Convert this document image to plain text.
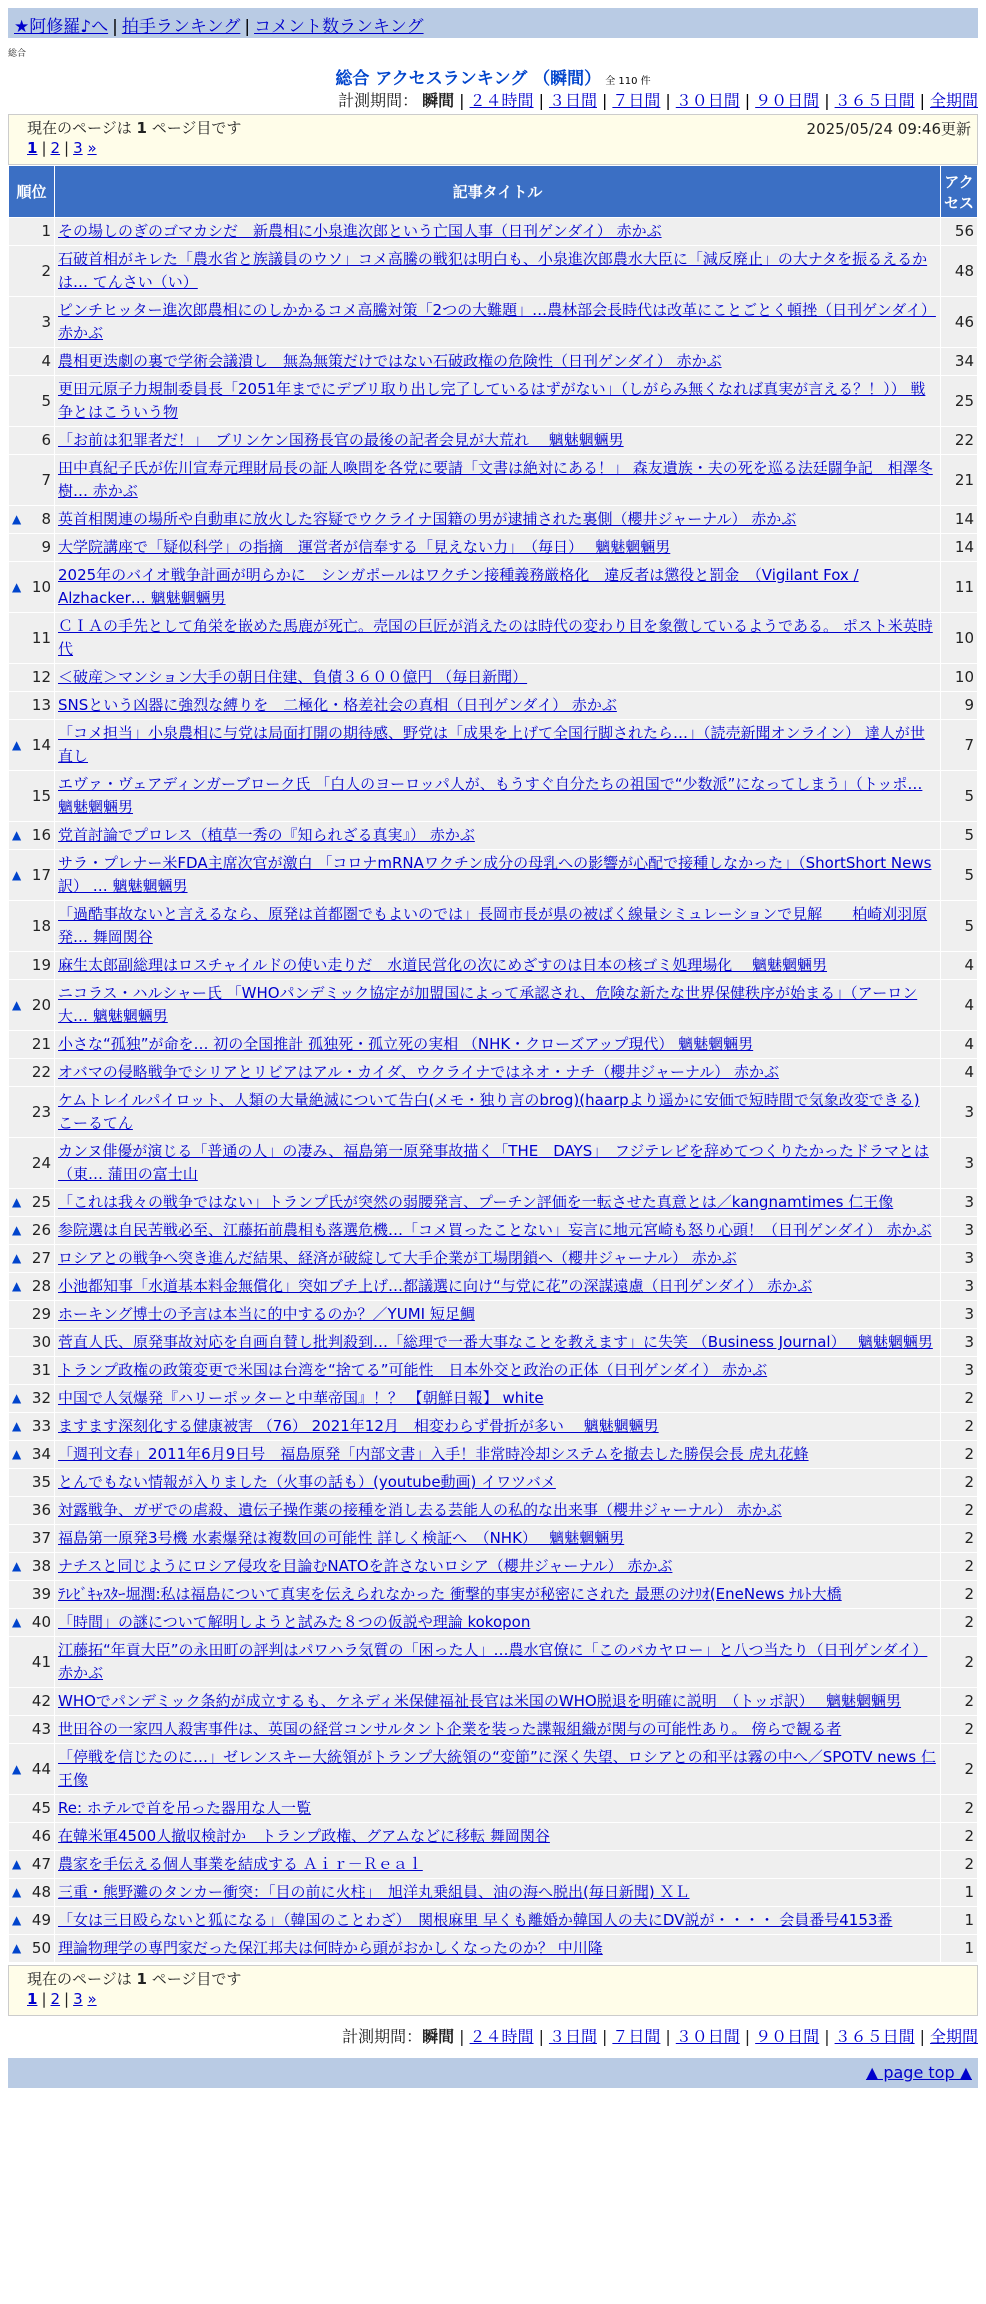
★阿修羅♪へ | 拍手ランキング | コメント数ランキング
総合
総合 アクセスランキング （瞬間） 全 110 件
計測期間： 瞬間 | ２４時間 | ３日間 | ７日間 | ３０日間 | ９０日間 | ３６５日間 | 全期間
現在のページは 1 ページ目です	2025/05/24 09:46更新
1 | 2 | 3 »
順位	記事タイトル	アクセス
1	その場しのぎのゴマカシだ　新農相に小泉進次郎という亡国人事（日刊ゲンダイ） 赤かぶ	56
2	石破首相がキレた「農水省と族議員のウソ」コメ高騰の戦犯は明白も、小泉進次郎農水大臣に「減反廃止」の大ナタを振るえるかは… てんさい（い）	48
3	ピンチヒッター進次郎農相にのしかかるコメ高騰対策「2つの大難題」…農林部会長時代は改革にことごとく頓挫（日刊ゲンダイ） 赤かぶ	46
4	農相更迭劇の裏で学術会議潰し　無為無策だけではない石破政権の危険性（日刊ゲンダイ） 赤かぶ	34
5	更田元原子力規制委員長「2051年までにデブリ取り出し完了しているはずがない」（しがらみ無くなれば真実が言える？！）） 戦争とはこういう物	25
6	「お前は犯罪者だ！」　ブリンケン国務長官の最後の記者会見が大荒れ　 魑魅魍魎男	22
7	田中真紀子氏が佐川宣寿元理財局長の証人喚問を各党に要請「文書は絶対にある！」 森友遺族・夫の死を巡る法廷闘争記　相澤冬樹… 赤かぶ	21

▲ 8	英首相関連の場所や自動車に放火した容疑でウクライナ国籍の男が逮捕された裏側（櫻井ジャーナル） 赤かぶ	14
9	大学院講座で「疑似科学」の指摘　運営者が信奉する「見えない力」　（毎日）　 魑魅魍魎男	14

▲ 10	2025年のバイオ戦争計画が明らかに　シンガポールはワクチン接種義務厳格化　違反者は懲役と罰金　（Vigilant Fox / Alzhacker… 魑魅魍魎男	11
11	ＣＩＡの手先として角栄を嵌めた馬鹿が死亡。売国の巨匠が消えたのは時代の変わり目を象徴しているようである。 ポスト米英時代	10
12	＜破産＞マンション大手の朝日住建、負債３６００億円 （毎日新聞）	10
13	SNSという凶器に強烈な縛りを　二極化・格差社会の真相（日刊ゲンダイ） 赤かぶ	9

▲ 14	「コメ担当」小泉農相に与党は局面打開の期待感、野党は「成果を上げて全国行脚されたら…」（読売新聞オンライン） 達人が世直し	7
15	エヴァ・ヴェアディンガーブローク氏 「白人のヨーロッパ人が、もうすぐ自分たちの祖国で“少数派”になってしまう」（トッポ… 魑魅魍魎男	5

▲ 16	党首討論でプロレス（植草一秀の『知られざる真実』） 赤かぶ	5

▲ 17	サラ・プレナー米FDA主席次官が激白 「コロナmRNAワクチン成分の母乳への影響が心配で接種しなかった」（ShortShort News訳） … 魑魅魍魎男	5
18	「過酷事故ないと言えるなら、原発は首都圏でもよいのでは」長岡市長が県の被ばく線量シミュレーションで見解　　柏崎刈羽原発… 舞岡関谷	5
19	麻生太郎副総理はロスチャイルドの使い走りだ　水道民営化の次にめざすのは日本の核ゴミ処理場化　 魑魅魍魎男	4

▲ 20	ニコラス・ハルシャー氏 「WHOパンデミック協定が加盟国によって承認され、危険な新たな世界保健秩序が始まる」（アーロン大… 魑魅魍魎男	4
21	小さな“孤独”が命を… 初の全国推計 孤独死・孤立死の実相 （NHK・クローズアップ現代） 魑魅魍魎男	4
22	オバマの侵略戦争でシリアとリビアはアル・カイダ、ウクライナではネオ・ナチ（櫻井ジャーナル） 赤かぶ	4
23	ケムトレイルパイロット、人類の大量絶滅について告白(メモ・独り言のbrog)(haarpより遥かに安価で短時間で気象改変できる) こーるてん	3
24	カンヌ俳優が演じる「普通の人」の凄み、福島第一原発事故描く「THE　DAYS」　フジテレビを辞めてつくりたかったドラマとは（東… 蒲田の富士山	3

▲ 25	「これは我々の戦争ではない」トランプ氏が突然の弱腰発言、プーチン評価を一転させた真意とは／kangnamtimes 仁王像	3

▲ 26	参院選は自民苦戦必至、江藤拓前農相も落選危機…「コメ買ったことない」妄言に地元宮崎も怒り心頭！（日刊ゲンダイ） 赤かぶ	3

▲ 27	ロシアとの戦争へ突き進んだ結果、経済が破綻して大手企業が工場閉鎖へ（櫻井ジャーナル） 赤かぶ	3

▲ 28	小池都知事「水道基本料金無償化」突如ブチ上げ…都議選に向け“与党に花”の深謀遠慮（日刊ゲンダイ） 赤かぶ	3
29	ホーキング博士の予言は本当に的中するのか？／YUMI 短足鯛	3
30	菅直人氏、原発事故対応を自画自賛し批判殺到…「総理で一番大事なことを教えます」に失笑 （Business Journal）　 魑魅魍魎男	3
31	トランプ政権の政策変更で米国は台湾を“捨てる”可能性　日本外交と政治の正体（日刊ゲンダイ） 赤かぶ	3

▲ 32	中国で人気爆発『ハリーポッターと中華帝国』！？ 【朝鮮日報】 white	2

▲ 33	ますます深刻化する健康被害 （76） 2021年12月　相変わらず骨折が多い　 魑魅魍魎男	2

▲ 34	「週刊文春」2011年6月9日号　福島原発「内部文書」入手！非常時冷却システムを撤去した勝俣会長 虎丸花蜂	2
35	とんでもない情報が入りました（火事の話も）(youtube動画) イワツバメ	2
36	対露戦争、ガザでの虐殺、遺伝子操作薬の接種を消し去る芸能人の私的な出来事（櫻井ジャーナル） 赤かぶ	2
37	福島第一原発3号機 水素爆発は複数回の可能性 詳しく検証へ　（NHK）　 魑魅魍魎男	2

▲ 38	ナチスと同じようにロシア侵攻を目論むNATOを許さないロシア（櫻井ジャーナル） 赤かぶ	2
39	ﾃﾚﾋﾞｷｬｽﾀｰ堀潤:私は福島について真実を伝えられなかった 衝撃的事実が秘密にされた 最悪のｼﾅﾘｵ(EneNews ﾅﾙﾄ大橋	2

▲ 40	「時間」の謎について解明しようと試みた８つの仮説や理論 kokopon	2
41	江藤拓“年貢大臣”の永田町の評判はパワハラ気質の「困った人」…農水官僚に「このバカヤロー」と八つ当たり（日刊ゲンダイ） 赤かぶ	2
42	WHOでパンデミック条約が成立するも、ケネディ米保健福祉長官は米国のWHO脱退を明確に説明　（トッポ訳）　 魑魅魍魎男	2
43	世田谷の一家四人殺害事件は、英国の経営コンサルタント企業を装った諜報組織が関与の可能性あり。 傍らで観る者	2

▲ 44	「停戦を信じたのに…」ゼレンスキー大統領がトランプ大統領の“変節”に深く失望、ロシアとの和平は霧の中へ／SPOTV news 仁王像	2
45	Re: ホテルで首を吊った器用な人一覧	2
46	在韓米軍4500人撤収検討か　トランプ政権、グアムなどに移転 舞岡関谷	2

▲ 47	農家を手伝える個人事業を結成する Ａｉｒ－Ｒｅａｌ	2

▲ 48	三重・熊野灘のタンカー衝突：「目の前に火柱」　旭洋丸乗組員、油の海へ脱出(毎日新聞) ＸＬ	1

▲ 49	「女は三日殴らないと狐になる」（韓国のことわざ）　関根麻里 早くも離婚か韓国人の夫にDV説が・・・・ 会員番号4153番	1

▲ 50	理論物理学の専門家だった保江邦夫は何時から頭がおかしくなったのか？ 中川隆	1
現在のページは 1 ページ目です
1 | 2 | 3 »
計測期間：瞬間 | ２４時間 | ３日間 | ７日間 | ３０日間 | ９０日間 | ３６５日間 | 全期間
▲ page top ▲
